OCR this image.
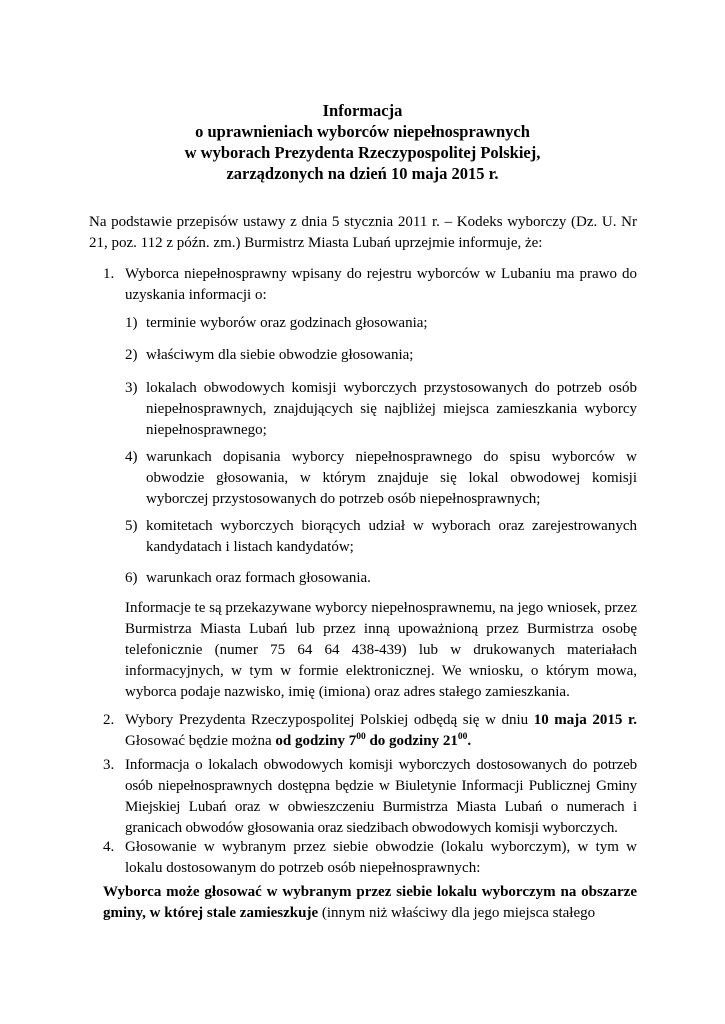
Informacja
o uprawnieniach wyborców niepełnosprawnych
w wyborach Prezydenta Rzeczypospolitej Polskiej,
zarządzonych na dzień 10 maja 2015 r.
Na podstawie przepisów ustawy z dnia 5 stycznia 2011 r. – Kodeks wyborczy (Dz. U. Nr 21, poz. 112 z późn. zm.) Burmistrz Miasta Lubań uprzejmie informuje, że:
1. Wyborca niepełnosprawny wpisany do rejestru wyborców w Lubaniu ma prawo do uzyskania informacji o:
1) terminie wyborów oraz godzinach głosowania;
2) właściwym dla siebie obwodzie głosowania;
3) lokalach obwodowych komisji wyborczych przystosowanych do potrzeb osób niepełnosprawnych, znajdujących się najbliżej miejsca zamieszkania wyborcy niepełnosprawnego;
4) warunkach dopisania wyborcy niepełnosprawnego do spisu wyborców w obwodzie głosowania, w którym znajduje się lokal obwodowej komisji wyborczej przystosowanych do potrzeb osób niepełnosprawnych;
5) komitetach wyborczych biorących udział w wyborach oraz zarejestrowanych kandydatach i listach kandydatów;
6) warunkach oraz formach głosowania.
Informacje te są przekazywane wyborcy niepełnosprawnemu, na jego wniosek, przez Burmistrza Miasta Lubań lub przez inną upoważnioną przez Burmistrza osobę telefonicznie (numer 75 64 64 438-439) lub w drukowanych materiałach informacyjnych, w tym w formie elektronicznej. We wniosku, o którym mowa, wyborca podaje nazwisko, imię (imiona) oraz adres stałego zamieszkania.
2. Wybory Prezydenta Rzeczypospolitej Polskiej odbędą się w dniu 10 maja 2015 r.
Głosować będzie można od godziny $7^{00}$ do godziny $21^{00}$.
3. Informacja o lokalach obwodowych komisji wyborczych dostosowanych do potrzeb osób niepełnosprawnych dostępna będzie w Biuletynie Informacji Publicznej Gminy Miejskiej Lubań oraz w obwieszczeniu Burmistrza Miasta Lubań o numerach i granicach obwodów głosowania oraz siedzibach obwodowych komisji wyborczych.
4. Głosowanie w wybranym przez siebie obwodzie (lokalu wyborczym), w tym w lokalu dostosowanym do potrzeb osób niepełnosprawnych:
Wyborca może głosować w wybranym przez siebie lokalu wyborczym na obszarze gminy, w której stale zamieszkuje (innym niż właściwy dla jego miejsca stałego
